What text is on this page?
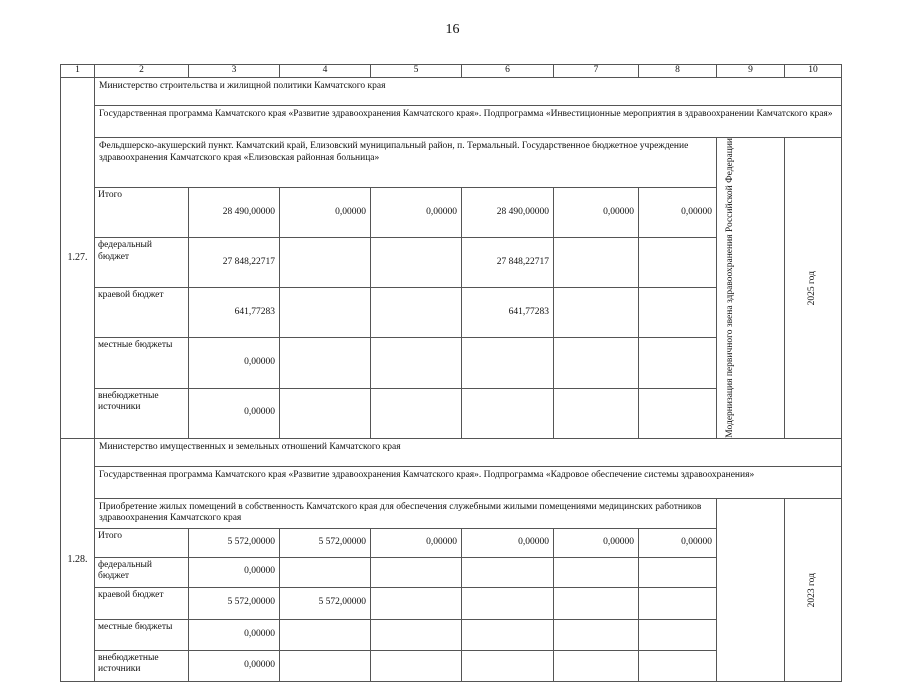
16
1	2	3	4	5	6	7	8	9	10
1.27.	Министерство строительства и жилищной политики Камчатского края								
	Государственная программа Камчатского края «Развитие здравоохранения Камчатского края». Подпрограмма «Инвестиционные мероприятия в здравоохранении Камчатского края»								
	Фельдшерско-акушерский пункт. Камчатский край, Елизовский муниципальный район, п. Термальный. Государственное бюджетное учреждение здравоохранения Камчатского края «Елизовская районная больница»							Модернизация первичного звена здравоохранения Российской Федерации	2025 год

	Итого	28 490,00000	0,00000	0,00000	28 490,00000	0,00000	0,00000		
	федеральный бюджет	27 848,22717			27 848,22717				
	краевой бюджет	641,77283			641,77283				
	местные бюджеты	0,00000							
	внебюджетные источники	0,00000							
1.28.	Министерство имущественных и земельных отношений Камчатского края								
	Государственная программа Камчатского края «Развитие здравоохранения Камчатского края». Подпрограмма «Кадровое обеспечение системы здравоохранения»								
	Приобретение жилых помещений в собственность Камчатского края для обеспечения служебными жилыми помещениями медицинских работников здравоохранения Камчатского края								2023 год

	Итого	5 572,00000	5 572,00000	0,00000	0,00000	0,00000	0,00000		
	федеральный бюджет	0,00000							
	краевой бюджет	5 572,00000	5 572,00000						
	местные бюджеты	0,00000							
	внебюджетные источники	0,00000							
